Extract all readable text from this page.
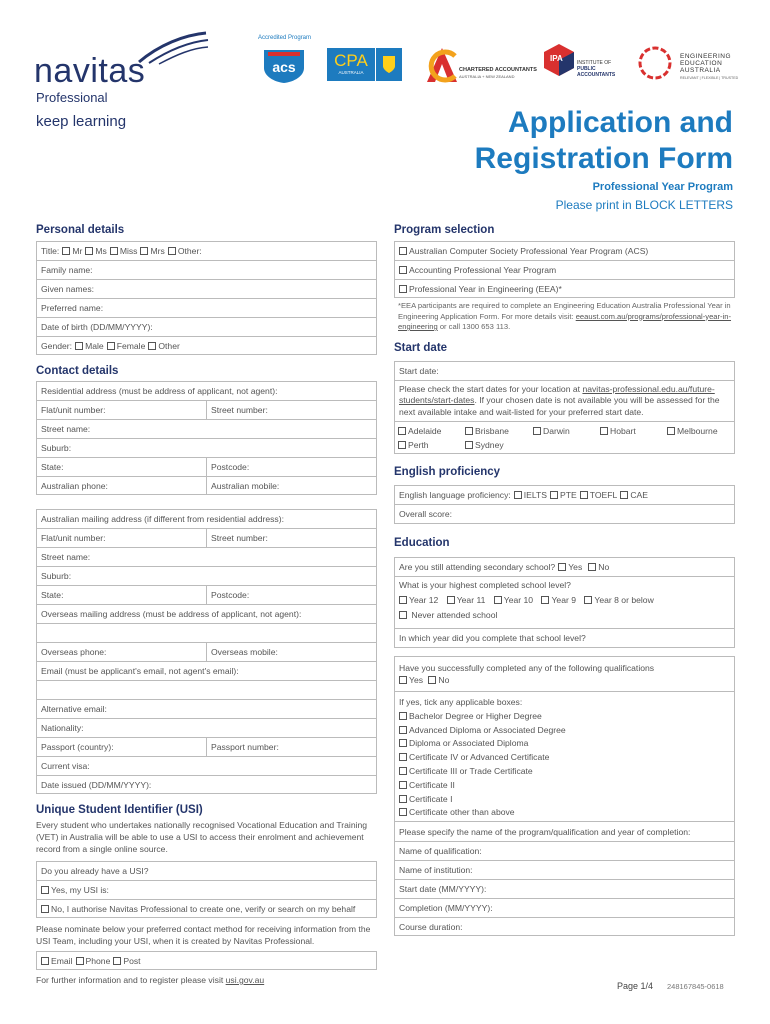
navitas
Professional
keep learning
Accredited Program
acs	CPA
AUSTRALIA	CHARTERED ACCOUNTANTS
AUSTRALIA + NEW ZEALAND
IPA	INSTITUTE OF
PUBLIC
ACCOUNTANTS
ENGINEERING
EDUCATION
AUSTRALIA
RELEVANT | FLEXIBLE | TRUSTED
Application and
Registration Form
Professional Year Program
Please print in BLOCK LETTERS
Personal details
Title: Mr Ms Miss Mrs Other:
Family name:
Given names:
Preferred name:
Date of birth (DD/MM/YYYY):
Gender: Male Female Other
Contact details
Residential address (must be address of applicant, not agent):
Flat/unit number:	Street number:
Street name:
Suburb:
State:	Postcode:
Australian phone:	Australian mobile:
Australian mailing address (if different from residential address):
Flat/unit number:	Street number:
Street name:
Suburb:
State:	Postcode:
Overseas mailing address (must be address of applicant, not agent):
Overseas phone:	Overseas mobile:
Email (must be applicant's email, not agent's email):
Alternative email:
Nationality:
Passport (country):	Passport number:
Current visa:
Date issued (DD/MM/YYYY):
Unique Student Identifier (USI)
Every student who undertakes nationally recognised Vocational Education and Training (VET) in Australia will be able to use a USI to access their enrolment and achievement record from a single online source.
Do you already have a USI?
Yes, my USI is:
No, I authorise Navitas Professional to create one, verify or search on my behalf
Please nominate below your preferred contact method for receiving information from the USI Team, including your USI, when it is created by Navitas Professional.
Email Phone Post
For further information and to register please visit usi.gov.au
Program selection
Australian Computer Society Professional Year Program (ACS)
Accounting Professional Year Program
Professional Year in Engineering (EEA)*
*EEA participants are required to complete an Engineering Education Australia Professional Year in Engineering Application Form. For more details visit: eeaust.com.au/programs/professional-year-in-engineering or call 1300 653 113.
Start date
Start date:
Please check the start dates for your location at navitas-professional.edu.au/future-students/start-dates. If your chosen date is not available you will be assessed for the next available intake and wait-listed for your preferred start date.
Adelaide	Brisbane	Darwin	Hobart	Melbourne
Perth	Sydney
English proficiency
English language proficiency: IELTS PTE TOEFL CAE
Overall score:
Education
Are you still attending secondary school? Yes No
What is your highest completed school level?
Year 12 Year 11 Year 10 Year 9 Year 8 or below
Never attended school
In which year did you complete that school level?
Have you successfully completed any of the following qualifications
Yes No
If yes, tick any applicable boxes:
Bachelor Degree or Higher Degree
Advanced Diploma or Associated Degree
Diploma or Associated Diploma
Certificate IV or Advanced Certificate
Certificate III or Trade Certificate
Certificate II
Certificate I
Certificate other than above
Please specify the name of the program/qualification and year of completion:
Name of qualification:
Name of institution:
Start date (MM/YYYY):
Completion (MM/YYYY):
Course duration:
Page 1/4 248167845-0618
